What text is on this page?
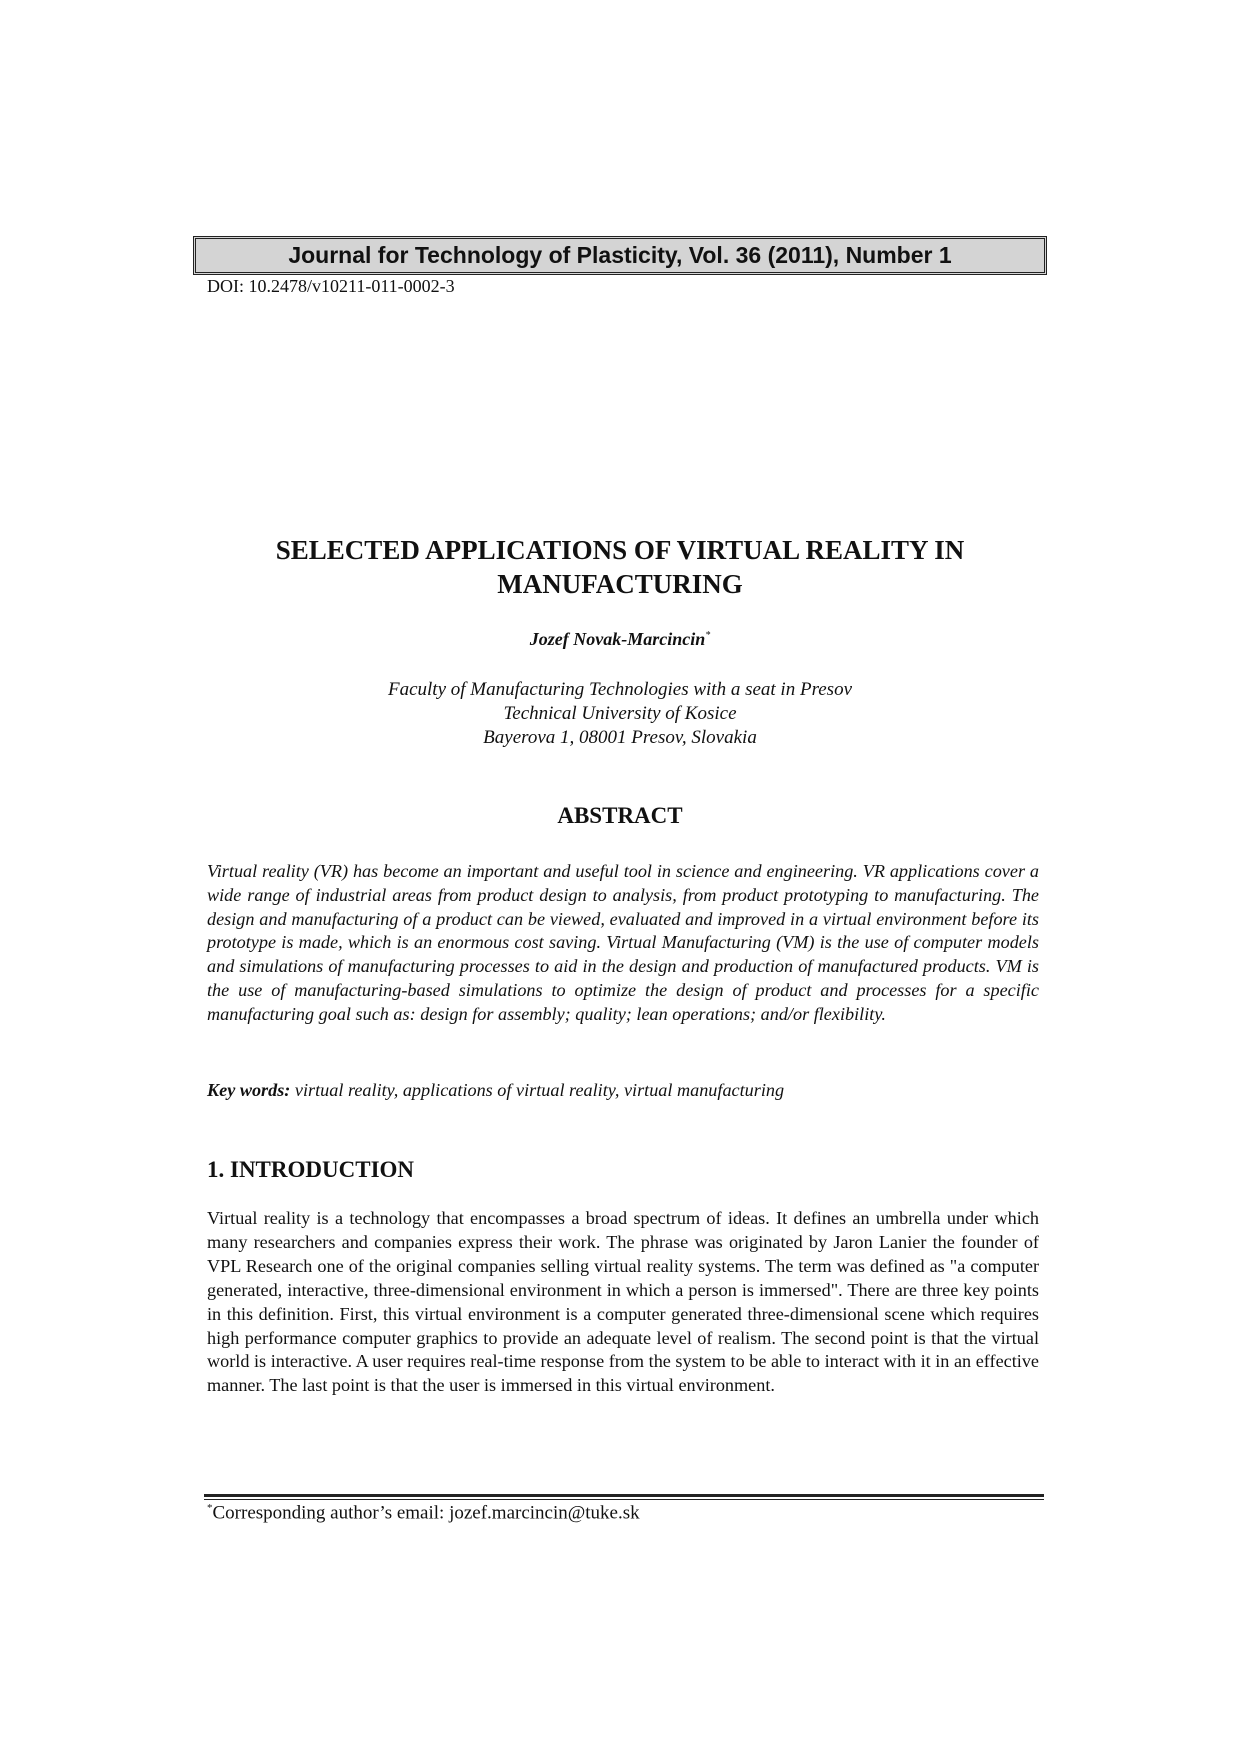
Journal for Technology of Plasticity, Vol. 36 (2011), Number 1
DOI: 10.2478/v10211-011-0002-3
SELECTED APPLICATIONS OF VIRTUAL REALITY IN
MANUFACTURING
Jozef Novak-Marcincin*
Faculty of Manufacturing Technologies with a seat in Presov
Technical University of Kosice
Bayerova 1, 08001 Presov, Slovakia
ABSTRACT
Virtual reality (VR) has become an important and useful tool in science and engineering. VR applications cover a wide range of industrial areas from product design to analysis, from product prototyping to manufacturing. The design and manufacturing of a product can be viewed, evaluated and improved in a virtual environment before its prototype is made, which is an enormous cost saving. Virtual Manufacturing (VM) is the use of computer models and simulations of manufacturing processes to aid in the design and production of manufactured products. VM is the use of manufacturing-based simulations to optimize the design of product and processes for a specific manufacturing goal such as: design for assembly; quality; lean operations; and/or flexibility.
Key words: virtual reality, applications of virtual reality, virtual manufacturing
1. INTRODUCTION
Virtual reality is a technology that encompasses a broad spectrum of ideas. It defines an umbrella under which many researchers and companies express their work. The phrase was originated by Jaron Lanier the founder of VPL Research one of the original companies selling virtual reality systems. The term was defined as "a computer generated, interactive, three-dimensional environment in which a person is immersed". There are three key points in this definition. First, this virtual environment is a computer generated three-dimensional scene which requires high performance computer graphics to provide an adequate level of realism. The second point is that the virtual world is interactive. A user requires real-time response from the system to be able to interact with it in an effective manner. The last point is that the user is immersed in this virtual environment.
*Corresponding author’s email: jozef.marcincin@tuke.sk
